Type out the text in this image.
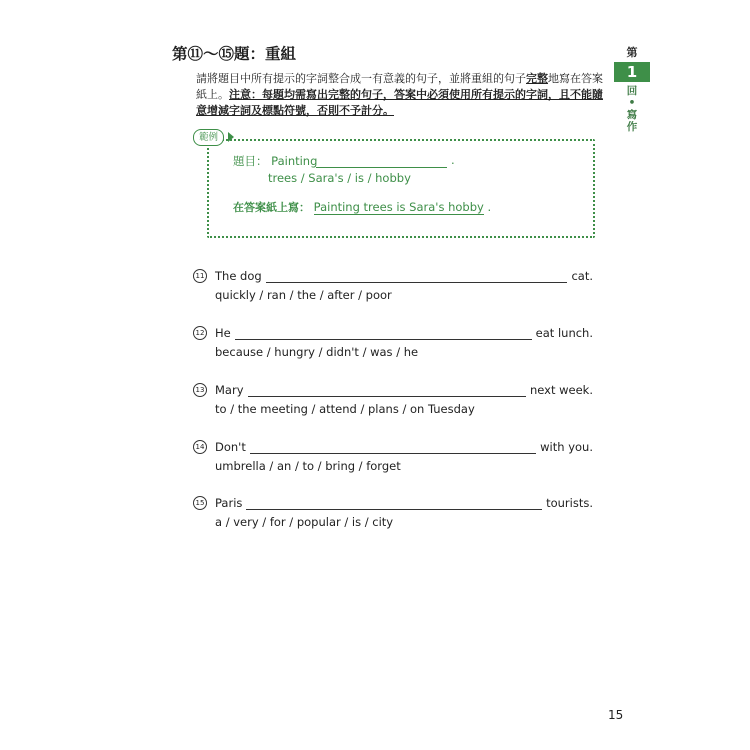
第⑪～⑮題：重組
請將題目中所有提示的字詞整合成一有意義的句子，並將重組的句子完整地寫在答案
紙上。注意：每題均需寫出完整的句子，答案中必須使用所有提示的字詞，且不能隨
意增減字詞及標點符號，否則不予計分。
第
1
回
•
寫
作
範例
題目： Painting	.
trees / Sara's / is / hobby
在答案紙上寫： Painting trees is Sara's hobby .
11 The dog	cat.
quickly / ran / the / after / poor
12 He	eat lunch.
because / hungry / didn't / was / he
13 Mary	next week.
to / the meeting / attend / plans / on Tuesday
14 Don't	with you.
umbrella / an / to / bring / forget
15 Paris	tourists.
a / very / for / popular / is / city
15
